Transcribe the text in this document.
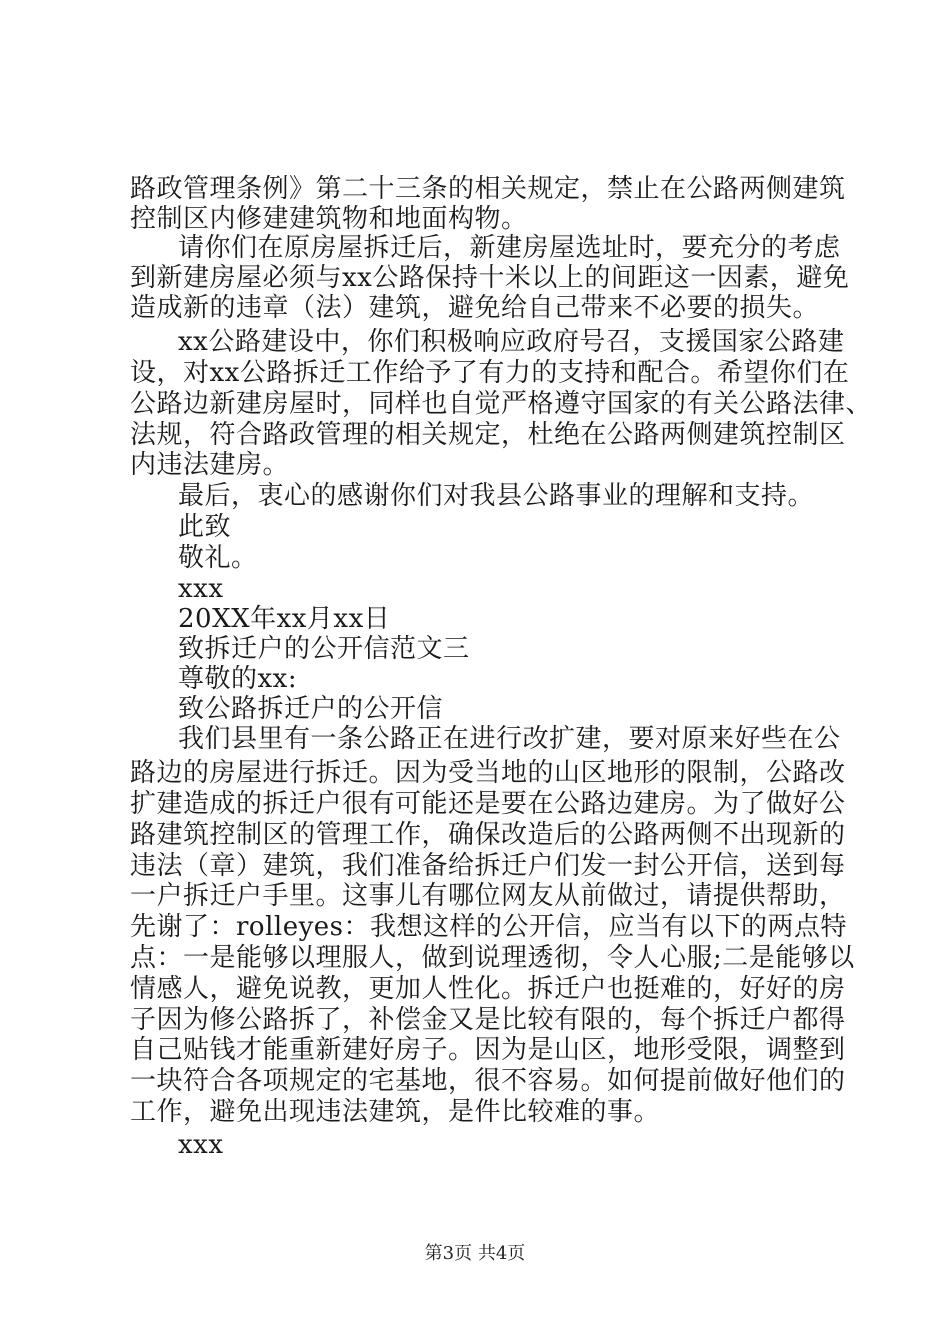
路政管理条例》第二十三条的相关规定，禁止在公路两侧建筑
控制区内修建建筑物和地面构物。
请你们在原房屋拆迁后，新建房屋选址时，要充分的考虑
到新建房屋必须与xx公路保持十米以上的间距这一因素，避免
造成新的违章（法）建筑，避免给自己带来不必要的损失。
xx公路建设中，你们积极响应政府号召，支援国家公路建
设，对xx公路拆迁工作给予了有力的支持和配合。希望你们在
公路边新建房屋时，同样也自觉严格遵守国家的有关公路法律、
法规，符合路政管理的相关规定，杜绝在公路两侧建筑控制区
内违法建房。
最后，衷心的感谢你们对我县公路事业的理解和支持。
此致
敬礼。
xxx
20XX年xx月xx日
致拆迁户的公开信范文三
尊敬的xx:
致公路拆迁户的公开信
我们县里有一条公路正在进行改扩建，要对原来好些在公
路边的房屋进行拆迁。因为受当地的山区地形的限制，公路改
扩建造成的拆迁户很有可能还是要在公路边建房。为了做好公
路建筑控制区的管理工作，确保改造后的公路两侧不出现新的
违法（章）建筑，我们准备给拆迁户们发一封公开信，送到每
一户拆迁户手里。这事儿有哪位网友从前做过，请提供帮助，
先谢了：rolleyes：我想这样的公开信，应当有以下的两点特
点：一是能够以理服人，做到说理透彻，令人心服;二是能够以
情感人，避免说教，更加人性化。拆迁户也挺难的，好好的房
子因为修公路拆了，补偿金又是比较有限的，每个拆迁户都得
自己贴钱才能重新建好房子。因为是山区，地形受限，调整到
一块符合各项规定的宅基地，很不容易。如何提前做好他们的
工作，避免出现违法建筑，是件比较难的事。
xxx
第3页 共4页
